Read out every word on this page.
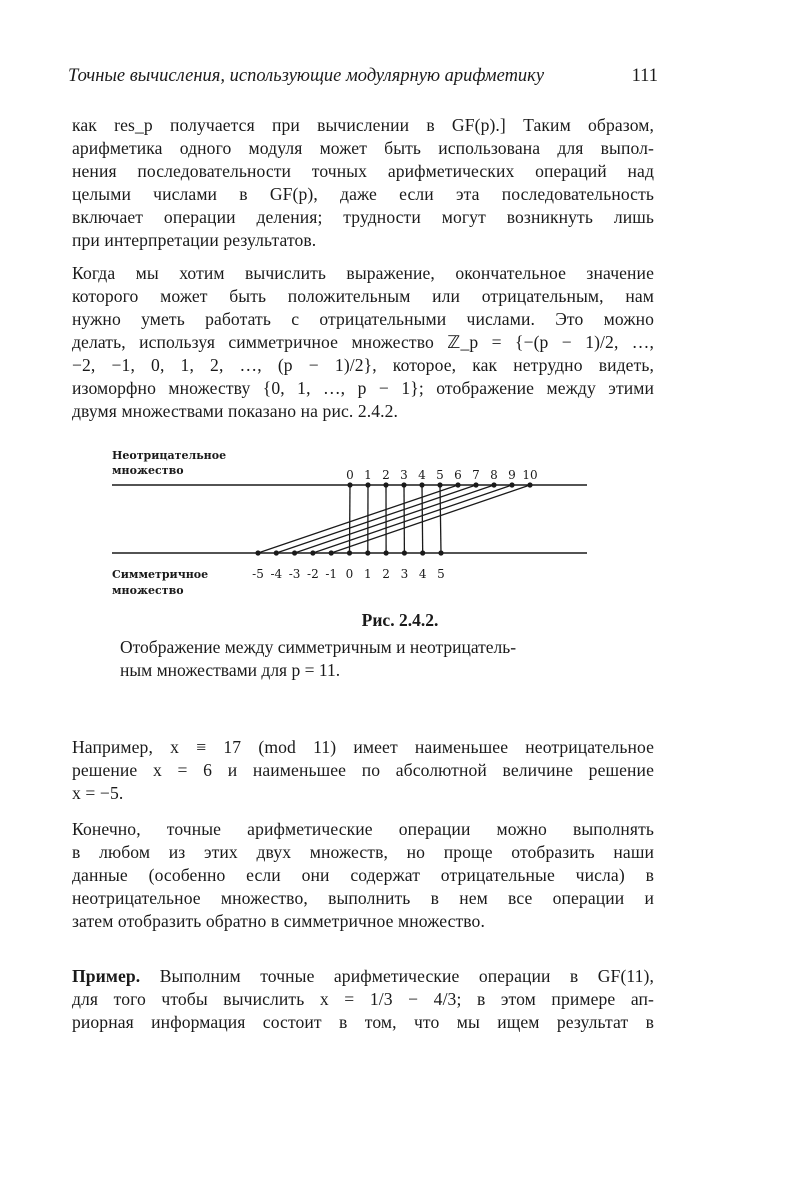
Точные вычисления, использующие модулярную арифметику	111
как res_p получается при вычислении в GF(p).] Таким образом,
арифметика одного модуля может быть использована для выпол-
нения последовательности точных арифметических операций над
целыми числами в GF(p), даже если эта последовательность
включает операции деления; трудности могут возникнуть лишь
при интерпретации результатов.
Когда мы хотим вычислить выражение, окончательное значение
которого может быть положительным или отрицательным, нам
нужно уметь работать с отрицательными числами. Это можно
делать, используя симметричное множество ℤ_p = {−(p − 1)/2, …,
−2, −1, 0, 1, 2, …, (p − 1)/2}, которое, как нетрудно видеть,
изоморфно множеству {0, 1, …, p − 1}; отображение между этими
двумя множествами показано на рис. 2.4.2.
Неотрицательное
множество	0 1 2 3 4 5 6 7 8 9 10
-5 -4 -3 -2 -1 0 1 2 3 4 5
Симметричное
множество
Рис. 2.4.2.
Отображение между симметричным и неотрицатель-
ным множествами для p = 11.
Например, x ≡ 17 (mod 11) имеет наименьшее неотрицательное
решение x = 6 и наименьшее по абсолютной величине решение
x = −5.
Конечно, точные арифметические операции можно выполнять
в любом из этих двух множеств, но проще отобразить наши
данные (особенно если они содержат отрицательные числа) в
неотрицательное множество, выполнить в нем все операции и
затем отобразить обратно в симметричное множество.
Пример. Выполним точные арифметические операции в GF(11),
для того чтобы вычислить x = 1/3 − 4/3; в этом примере ап-
риорная информация состоит в том, что мы ищем результат в
